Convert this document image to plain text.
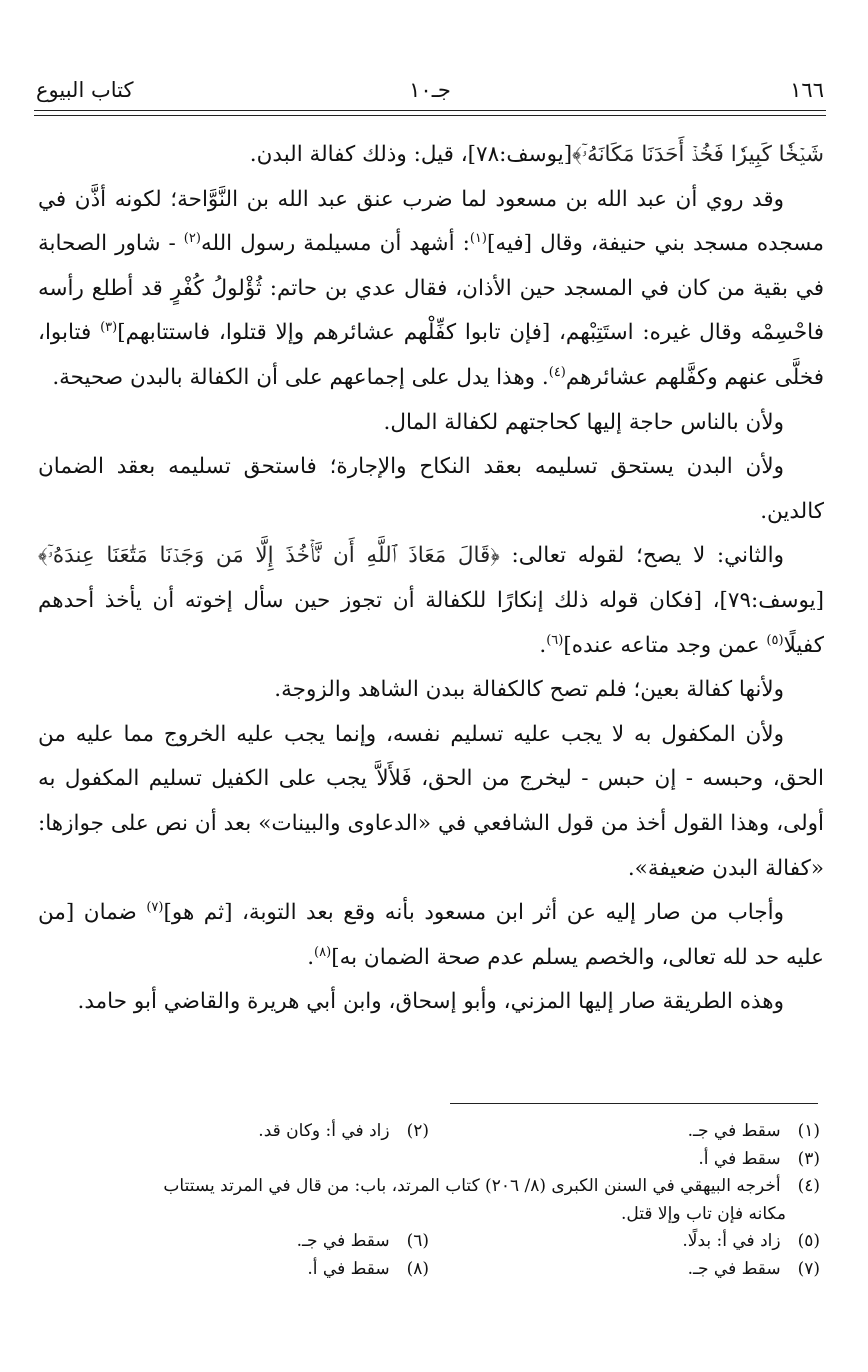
١٦٦
جـ١٠
كتاب البيوع

شَيۡخٗا كَبِيرٗا فَخُذۡ أَحَدَنَا مَكَانَهُۥٓ﴾[يوسف:٧٨]، قيل: وذلك كفالة البدن.

وقد روي أن عبد الله بن مسعود لما ضرب عنق عبد الله بن النَّوَّاحة؛ لكونه أذَّن في مسجده مسجد بني حنيفة، وقال [فيه]$^{(١)}$: أشهد أن مسيلمة رسول الله$^{(٢)}$ - شاور الصحابة في بقية من كان في المسجد حين الأذان، فقال عدي بن حاتم: ثُؤْلولُ كُفْرٍ قد أطلع رأسه فاحْسِمْه وقال غيره: استَتِبْهم، [فإن تابوا كفِّلْهم عشائرهم وإلا قتلوا، فاستتابهم]$^{(٣)}$ فتابوا، فخلَّى عنهم وكفَّلهم عشائرهم$^{(٤)}$. وهذا يدل على إجماعهم على أن الكفالة بالبدن صحيحة.

ولأن بالناس حاجة إليها كحاجتهم لكفالة المال.

ولأن البدن يستحق تسليمه بعقد النكاح والإجارة؛ فاستحق تسليمه بعقد الضمان كالدين.

والثاني: لا يصح؛ لقوله تعالى: ﴿قَالَ مَعَاذَ ٱللَّهِ أَن نَّأۡخُذَ إِلَّا مَن وَجَدۡنَا مَتَٰعَنَا عِندَهُۥٓ﴾[يوسف:٧٩]، [فكان قوله ذلك إنكارًا للكفالة أن تجوز حين سأل إخوته أن يأخذ أحدهم كفيلًا$^{(٥)}$ عمن وجد متاعه عنده]$^{(٦)}$.

ولأنها كفالة بعين؛ فلم تصح كالكفالة ببدن الشاهد والزوجة.

ولأن المكفول به لا يجب عليه تسليم نفسه، وإنما يجب عليه الخروج مما عليه من الحق، وحبسه - إن حبس - ليخرج من الحق، فَلأَلاَّ يجب على الكفيل تسليم المكفول به أولى، وهذا القول أخذ من قول الشافعي في «الدعاوى والبينات» بعد أن نص على جوازها: «كفالة البدن ضعيفة».

وأجاب من صار إليه عن أثر ابن مسعود بأنه وقع بعد التوبة، [ثم هو]$^{(٧)}$ ضمان [من عليه حد لله تعالى، والخصم يسلم عدم صحة الضمان به]$^{(٨)}$.

وهذه الطريقة صار إليها المزني، وأبو إسحاق، وابن أبي هريرة والقاضي أبو حامد.

(١) سقط في جـ.
(٢) زاد في أ: وكان قد.
(٣) سقط في أ.
(٤) أخرجه البيهقي في السنن الكبرى (٨/ ٢٠٦) كتاب المرتد، باب: من قال في المرتد يستتاب
مكانه فإن تاب وإلا قتل.
(٥) زاد في أ: بدلًا.
(٦) سقط في جـ.
(٧) سقط في جـ.
(٨) سقط في أ.
